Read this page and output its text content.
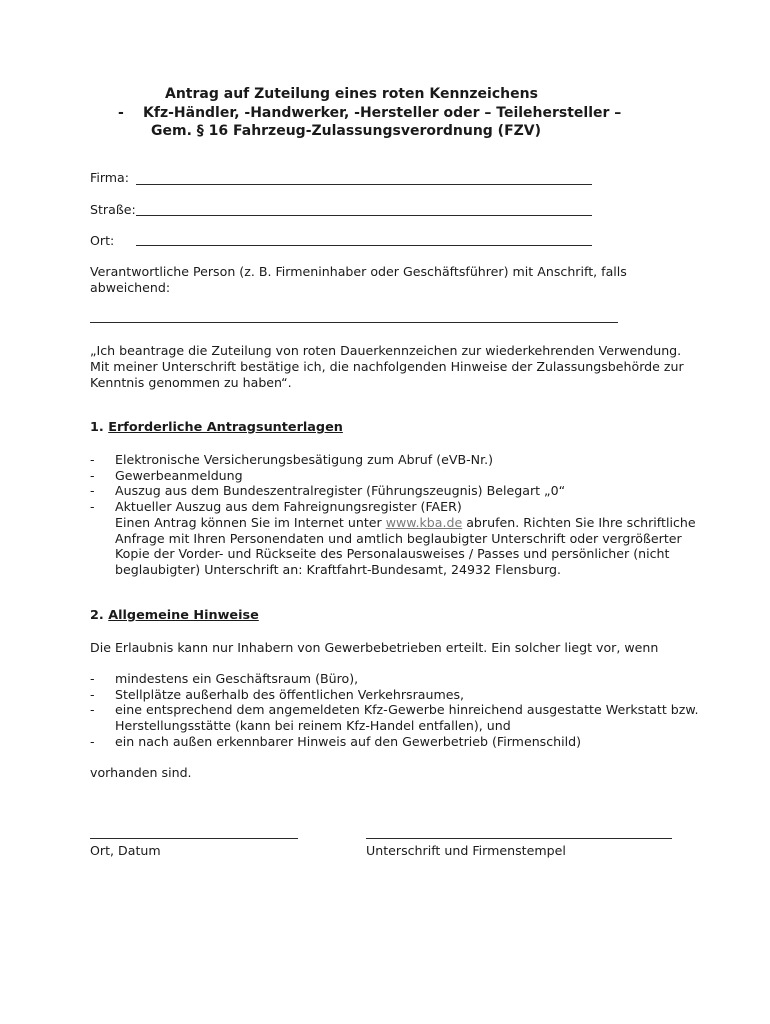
Antrag auf Zuteilung eines roten Kennzeichens
- Kfz-Händler, -Handwerker, -Hersteller oder – Teilehersteller –
Gem. § 16 Fahrzeug-Zulassungsverordnung (FZV)
Firma:
Straße:
Ort:
Verantwortliche Person (z. B. Firmeninhaber oder Geschäftsführer) mit Anschrift, falls
abweichend:
„Ich beantrage die Zuteilung von roten Dauerkennzeichen zur wiederkehrenden Verwendung.
Mit meiner Unterschrift bestätige ich, die nachfolgenden Hinweise der Zulassungsbehörde zur
Kenntnis genommen zu haben“.
1. Erforderliche Antragsunterlagen
- Elektronische Versicherungsbesätigung zum Abruf (eVB-Nr.)
- Gewerbeanmeldung
- Auszug aus dem Bundeszentralregister (Führungszeugnis) Belegart „0“
- Aktueller Auszug aus dem Fahreignungsregister (FAER)
Einen Antrag können Sie im Internet unter www.kba.de abrufen. Richten Sie Ihre schriftliche
Anfrage mit Ihren Personendaten und amtlich beglaubigter Unterschrift oder vergrößerter
Kopie der Vorder- und Rückseite des Personalausweises / Passes und persönlicher (nicht
beglaubigter) Unterschrift an: Kraftfahrt-Bundesamt, 24932 Flensburg.
2. Allgemeine Hinweise
Die Erlaubnis kann nur Inhabern von Gewerbebetrieben erteilt. Ein solcher liegt vor, wenn
- mindestens ein Geschäftsraum (Büro),
- Stellplätze außerhalb des öffentlichen Verkehrsraumes,
- eine entsprechend dem angemeldeten Kfz-Gewerbe hinreichend ausgestatte Werkstatt bzw.
Herstellungsstätte (kann bei reinem Kfz-Handel entfallen), und
- ein nach außen erkennbarer Hinweis auf den Gewerbetrieb (Firmenschild)
vorhanden sind.
Ort, Datum	Unterschrift und Firmenstempel
